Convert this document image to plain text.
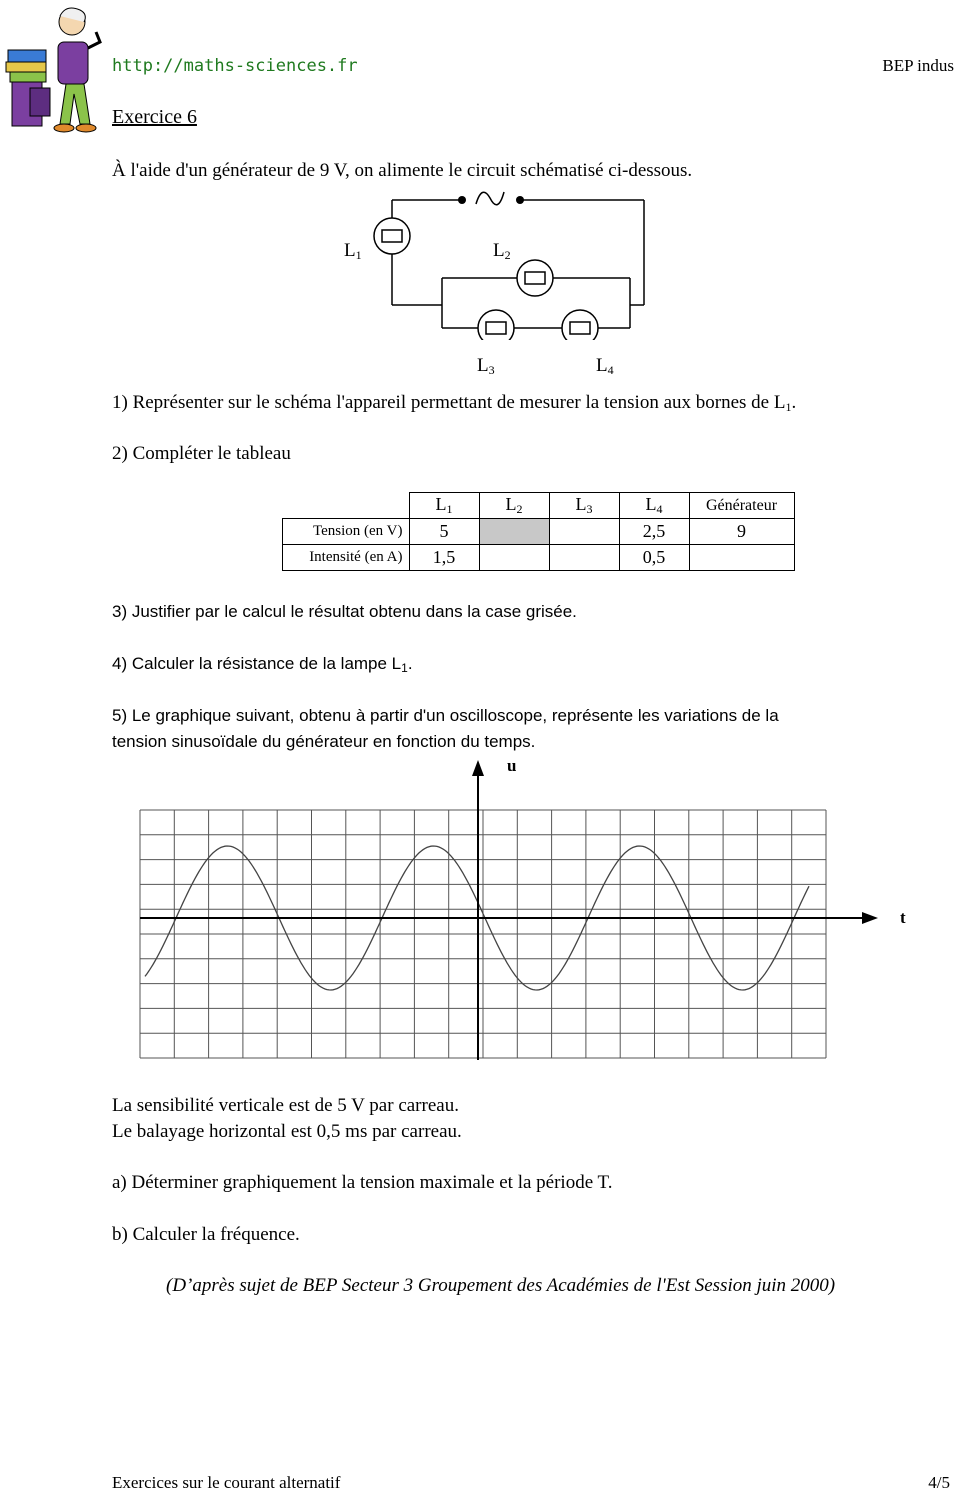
http://maths-sciences.fr	BEP indus
Exercice 6
À l'aide d'un générateur de 9 V, on alimente le circuit schématisé ci-dessous.
$L_1$	$L_2$
$L_3$	$L_4$
1) Représenter sur le schéma l'appareil permettant de mesurer la tension aux bornes de $L_1$.
2) Compléter le tableau
	$L_1$	$L_2$	$L_3$	$L_4$	Générateur
Tension (en V)	5			2,5	9
Intensité (en A)	1,5			0,5	
3) Justifier par le calcul le résultat obtenu dans la case grisée.
4) Calculer la résistance de la lampe $L_1$.
5) Le graphique suivant, obtenu à partir d'un oscilloscope, représente les variations de la
tension sinusoïdale du générateur en fonction du temps.
u
t
La sensibilité verticale est de 5 V par carreau.
Le balayage horizontal est 0,5 ms par carreau.
a) Déterminer graphiquement la tension maximale et la période T.
b) Calculer la fréquence.
(D’après sujet de BEP Secteur 3 Groupement des Académies de l'Est Session juin 2000)
Exercices sur le courant alternatif	4/5
